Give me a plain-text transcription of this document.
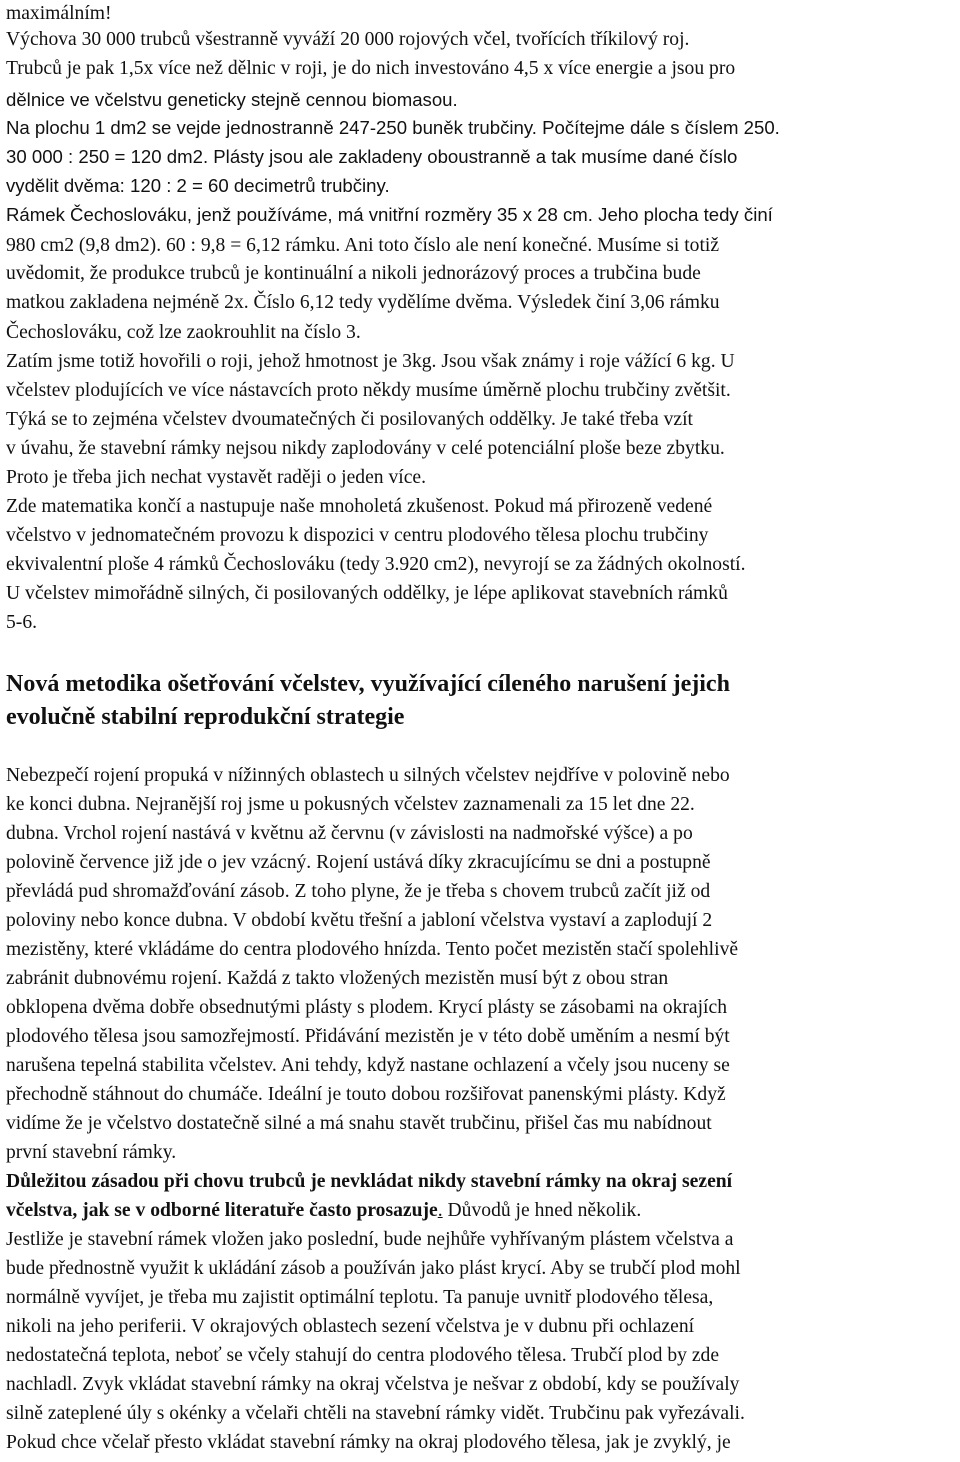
maximálním!
Výchova 30 000 trubců všestranně vyváží 20 000 rojových včel, tvořících tříkilový roj.
Trubců je pak 1,5x více než dělnic v roji, je do nich investováno 4,5 x více energie a jsou pro
dělnice ve včelstvu geneticky stejně cennou biomasou.
Na plochu 1 dm2 se vejde jednostranně 247-250 buněk trubčiny. Počítejme dále s číslem 250.
30 000 : 250 = 120 dm2. Plásty jsou ale zakladeny oboustranně a tak musíme dané číslo
vydělit dvěma: 120 : 2 = 60 decimetrů trubčiny.
Rámek Čechoslováku, jenž používáme, má vnitřní rozměry 35 x 28 cm. Jeho plocha tedy činí
980 cm2 (9,8 dm2). 60 : 9,8 = 6,12 rámku. Ani toto číslo ale není konečné. Musíme si totiž
uvědomit, že produkce trubců je kontinuální a nikoli jednorázový proces a trubčina bude
matkou zakladena nejméně 2x. Číslo 6,12 tedy vydělíme dvěma. Výsledek činí 3,06 rámku
Čechoslováku, což lze zaokrouhlit na číslo 3.
Zatím jsme totiž hovořili o roji, jehož hmotnost je 3kg. Jsou však známy i roje vážící 6 kg. U
včelstev plodujících ve více nástavcích proto někdy musíme úměrně plochu trubčiny zvětšit.
Týká se to zejména včelstev dvoumatečných či posilovaných oddělky. Je také třeba vzít
v úvahu, že stavební rámky nejsou nikdy zaplodovány v celé potenciální ploše beze zbytku.
Proto je třeba jich nechat vystavět raději o jeden více.
Zde matematika končí a nastupuje naše mnoholetá zkušenost. Pokud má přirozeně vedené
včelstvo v jednomatečném provozu k dispozici v centru plodového tělesa plochu trubčiny
ekvivalentní ploše 4 rámků Čechoslováku (tedy 3.920 cm2), nevyrojí se za žádných okolností.
U včelstev mimořádně silných, či posilovaných oddělky, je lépe aplikovat stavebních rámků
5-6.
Nová metodika ošetřování včelstev, využívající cíleného narušení jejich
evolučně stabilní reprodukční strategie
Nebezpečí rojení propuká v nížinných oblastech u silných včelstev nejdříve v polovině nebo
ke konci dubna. Nejranější roj jsme u pokusných včelstev zaznamenali za 15 let dne 22.
dubna. Vrchol rojení nastává v květnu až červnu (v závislosti na nadmořské výšce) a po
polovině července již jde o jev vzácný. Rojení ustává díky zkracujícímu se dni a postupně
převládá pud shromažďování zásob. Z toho plyne, že je třeba s chovem trubců začít již od
poloviny nebo konce dubna. V období květu třešní a jabloní včelstva vystaví a zaplodují 2
mezistěny, které vkládáme do centra plodového hnízda. Tento počet mezistěn stačí spolehlivě
zabránit dubnovému rojení. Každá z takto vložených mezistěn musí být z obou stran
obklopena dvěma dobře obsednutými plásty s plodem. Krycí plásty se zásobami na okrajích
plodového tělesa jsou samozřejmostí. Přidávání mezistěn je v této době uměním a nesmí být
narušena tepelná stabilita včelstev. Ani tehdy, když nastane ochlazení a včely jsou nuceny se
přechodně stáhnout do chumáče. Ideální je touto dobou rozšiřovat panenskými plásty. Když
vidíme že je včelstvo dostatečně silné a má snahu stavět trubčinu, přišel čas mu nabídnout
první stavební rámky.
Důležitou zásadou při chovu trubců je nevkládat nikdy stavební rámky na okraj sezení
včelstva, jak se v odborné literatuře často prosazuje. Důvodů je hned několik.
Jestliže je stavební rámek vložen jako poslední, bude nejhůře vyhřívaným plástem včelstva a
bude přednostně využit k ukládání zásob a používán jako plást krycí. Aby se trubčí plod mohl
normálně vyvíjet, je třeba mu zajistit optimální teplotu. Ta panuje uvnitř plodového tělesa,
nikoli na jeho periferii. V okrajových oblastech sezení včelstva je v dubnu při ochlazení
nedostatečná teplota, neboť se včely stahují do centra plodového tělesa. Trubčí plod by zde
nachladl. Zvyk vkládat stavební rámky na okraj včelstva je nešvar z období, kdy se používaly
silně zateplené úly s okénky a včelaři chtěli na stavební rámky vidět. Trubčinu pak vyřezávali.
Pokud chce včelař přesto vkládat stavební rámky na okraj plodového tělesa, jak je zvyklý, je
